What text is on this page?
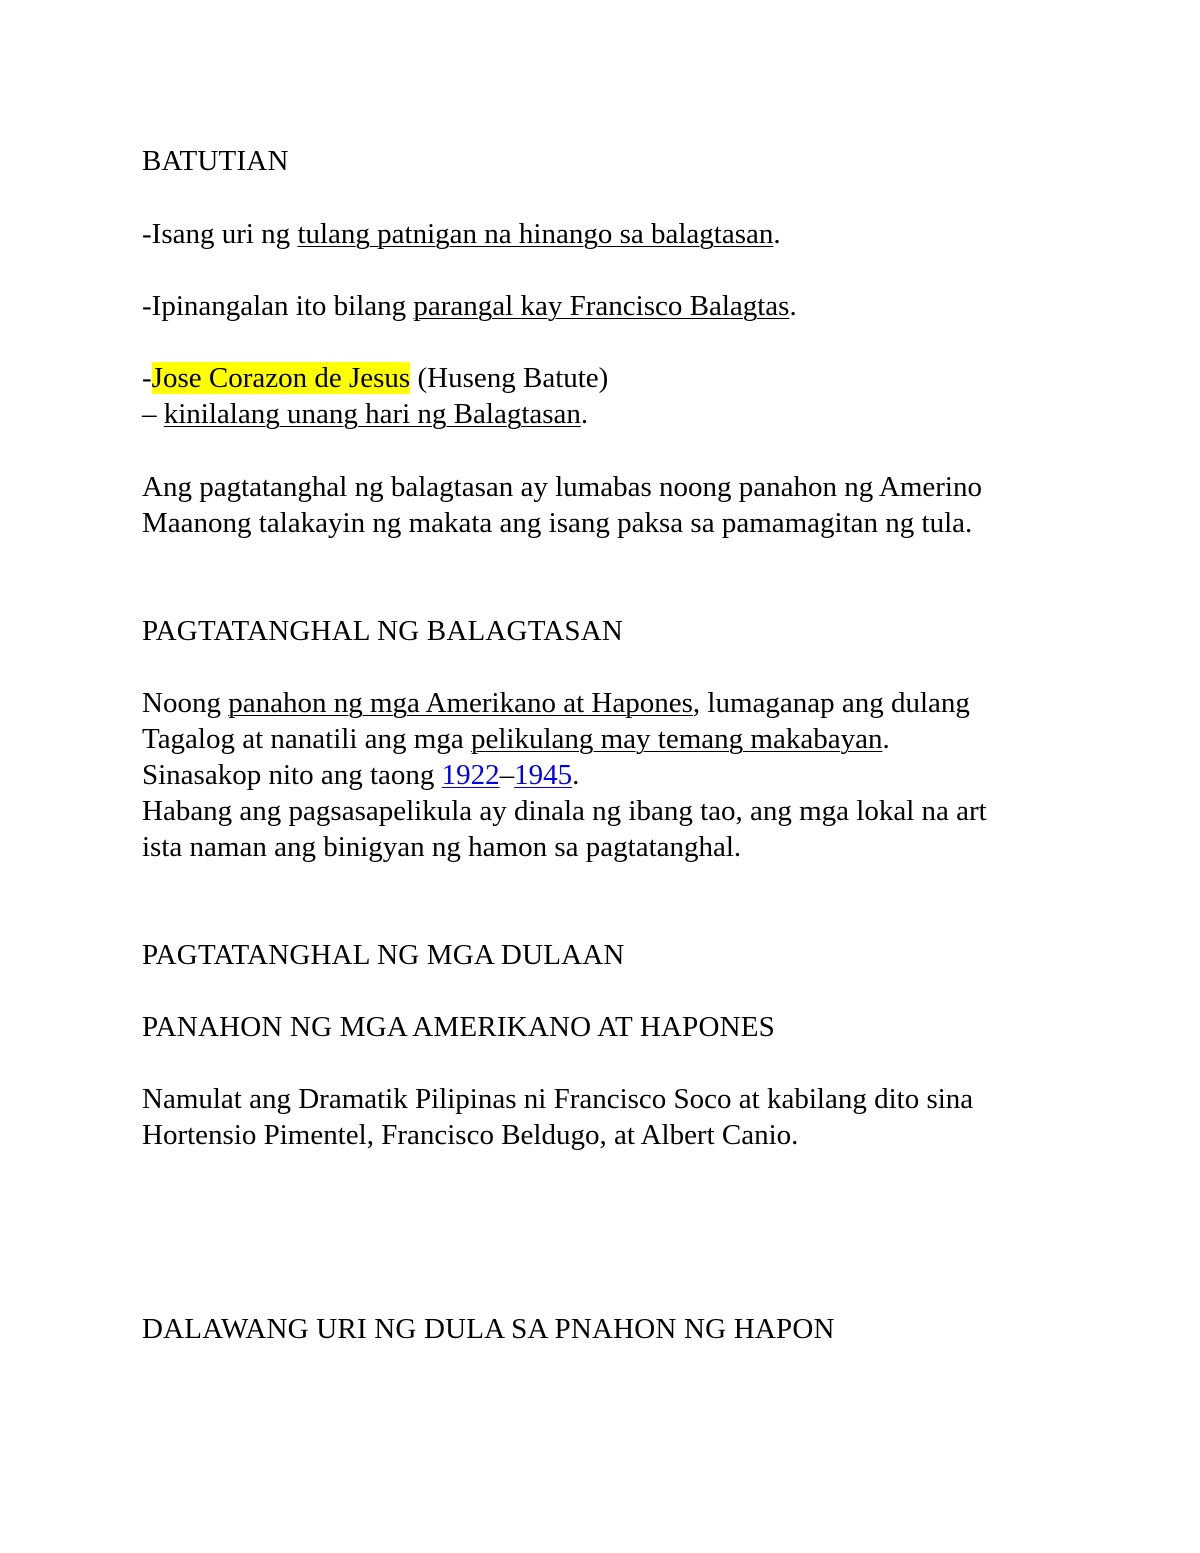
BATUTIAN
-Isang uri ng tulang patnigan na hinango sa balagtasan.
-Ipinangalan ito bilang parangal kay Francisco Balagtas.
-Jose Corazon de Jesus (Huseng Batute)
– kinilalang unang hari ng Balagtasan.
Ang pagtatanghal ng balagtasan ay lumabas noong panahon ng Amerino
Maanong talakayin ng makata ang isang paksa sa pamamagitan ng tula.
PAGTATANGHAL NG BALAGTASAN
Noong panahon ng mga Amerikano at Hapones, lumaganap ang dulang
Tagalog at nanatili ang mga pelikulang may temang makabayan.
Sinasakop nito ang taong 1922–1945.
Habang ang pagsasapelikula ay dinala ng ibang tao, ang mga lokal na art
ista naman ang binigyan ng hamon sa pagtatanghal.
PAGTATANGHAL NG MGA DULAAN
PANAHON NG MGA AMERIKANO AT HAPONES
Namulat ang Dramatik Pilipinas ni Francisco Soco at kabilang dito sina
Hortensio Pimentel, Francisco Beldugo, at Albert Canio.
DALAWANG URI NG DULA SA PNAHON NG HAPON
